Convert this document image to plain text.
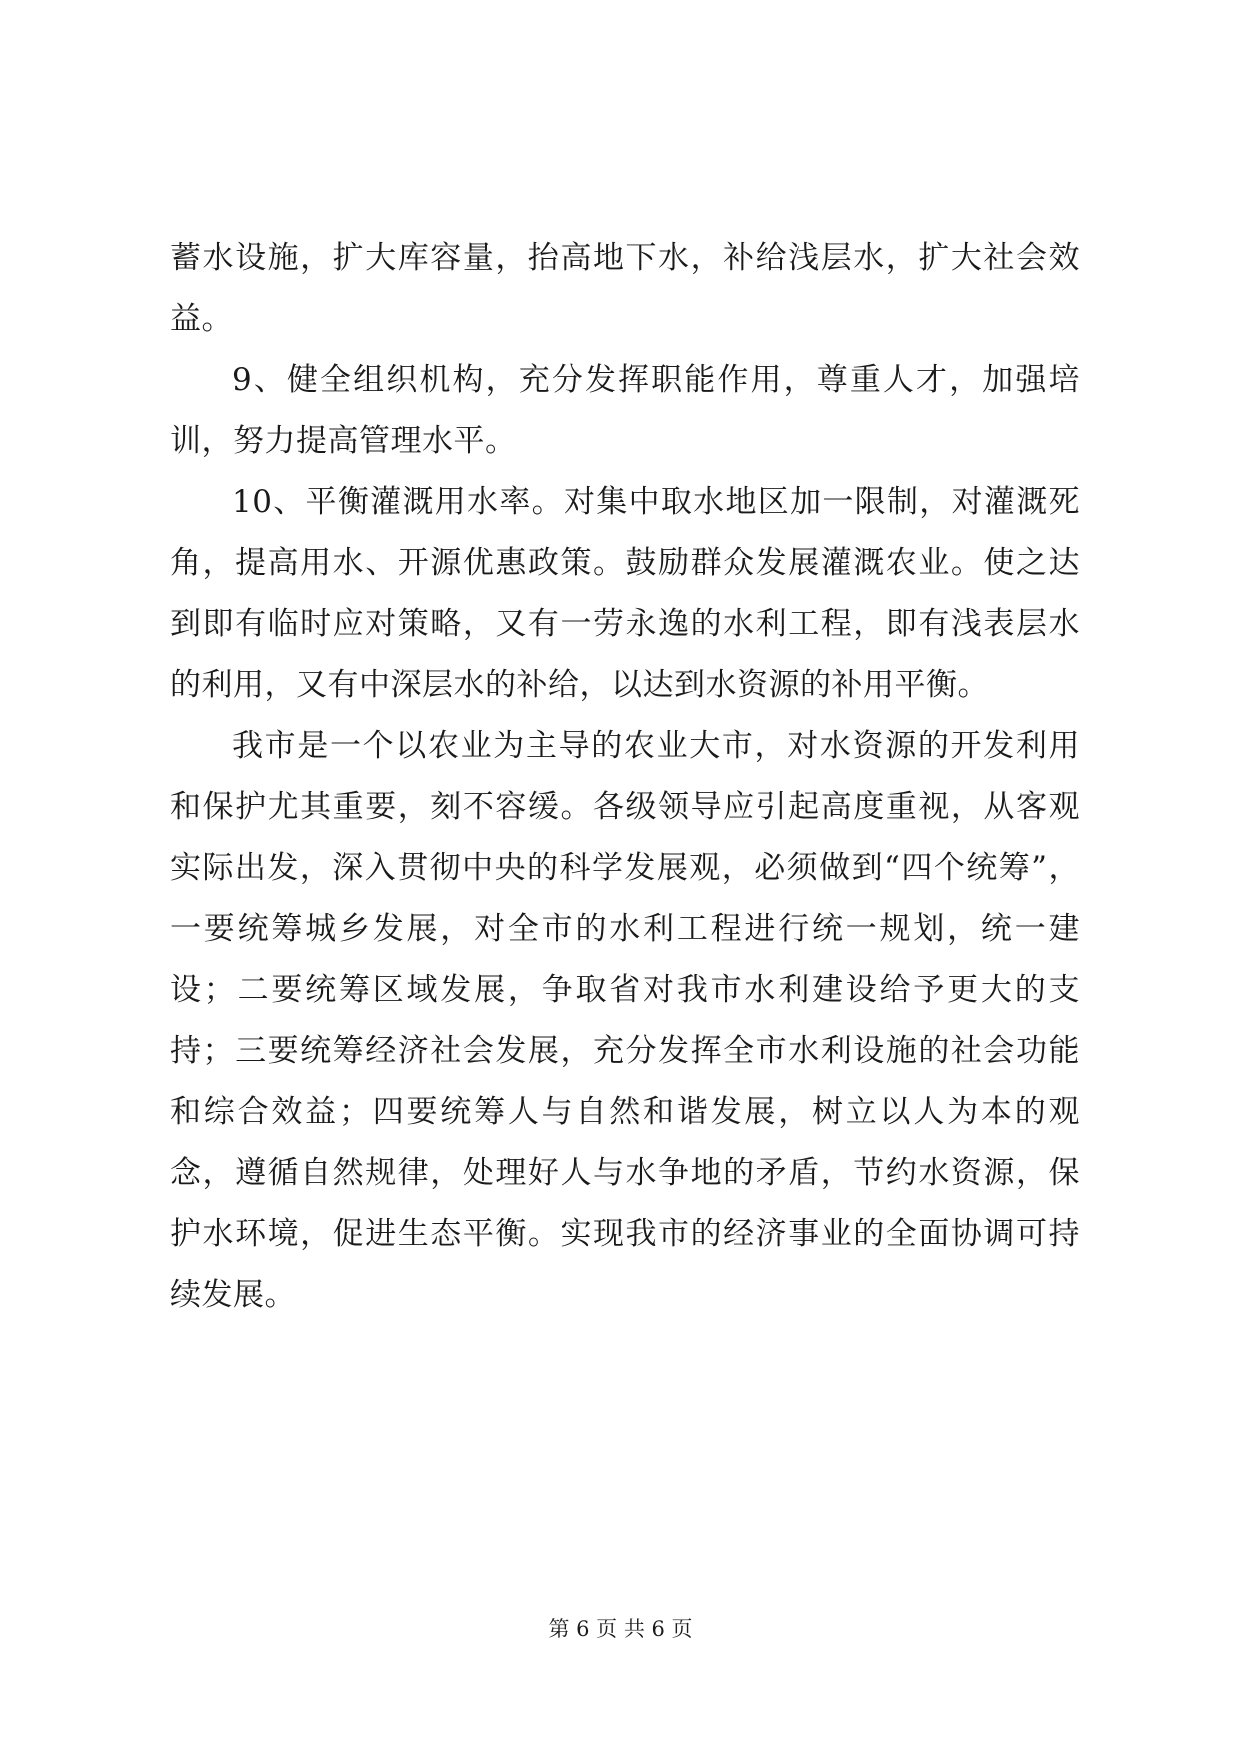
蓄水设施，扩大库容量，抬高地下水，补给浅层水，扩大社会效益。

9、健全组织机构，充分发挥职能作用，尊重人才，加强培训，努力提高管理水平。

10、平衡灌溉用水率。对集中取水地区加一限制，对灌溉死角，提高用水、开源优惠政策。鼓励群众发展灌溉农业。使之达到即有临时应对策略，又有一劳永逸的水利工程，即有浅表层水的利用，又有中深层水的补给，以达到水资源的补用平衡。

我市是一个以农业为主导的农业大市，对水资源的开发利用和保护尤其重要，刻不容缓。各级领导应引起高度重视，从客观实际出发，深入贯彻中央的科学发展观，必须做到“四个统筹”，一要统筹城乡发展，对全市的水利工程进行统一规划，统一建设；二要统筹区域发展，争取省对我市水利建设给予更大的支持；三要统筹经济社会发展，充分发挥全市水利设施的社会功能和综合效益；四要统筹人与自然和谐发展，树立以人为本的观念，遵循自然规律，处理好人与水争地的矛盾，节约水资源，保护水环境，促进生态平衡。实现我市的经济事业的全面协调可持续发展。

第 6 页 共 6 页
